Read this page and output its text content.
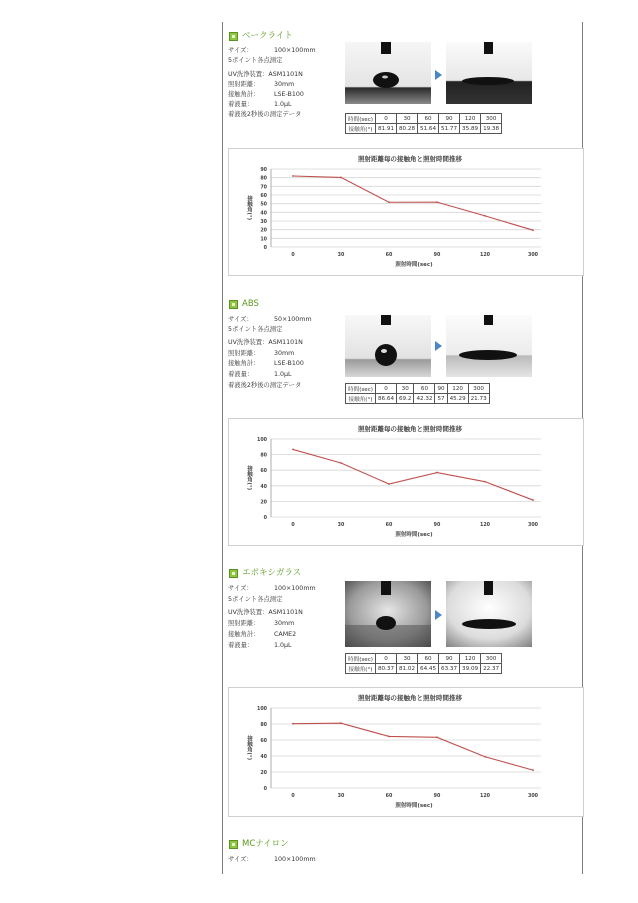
ベークライト
サイズ：	100×100mm
5ポイント各点測定
UV洗浄装置：ASM1101N
照射距離： 30mm
接触角計： LSE-B100
着液量：	1.0μL
着液後2秒後の測定データ
時間(sec)	0	30	60	90	120	300
接触角(°)	81.91	80.28	51.64	51.77	35.89	19.38
照射距離毎の接触角と照射時間推移
0
10
20
30
40
50
60
70
80
90
0	30	60	90	120	300
照射時間(sec)
接触角(°)
ABS
サイズ：	50×100mm
5ポイント各点測定
UV洗浄装置：ASM1101N
照射距離： 30mm
接触角計： LSE-B100
着液量：	1.0μL
着液後2秒後の測定データ
時間(sec)	0	30	60	90	120	300
接触角(°)	86.64	69.2	42.32	57	45.29	21.73
照射距離毎の接触角と照射時間推移
0
20
40
60
80
100
0	30	60	90	120	300
照射時間(sec)
接触角(°)
エポキシガラス
サイズ：	100×100mm
5ポイント各点測定
UV洗浄装置：ASM1101N
照射距離： 30mm
接触角計： CAME2
着液量：	1.0μL
時間(sec)	0	30	60	90	120	300
接触角(°)	80.37	81.02	64.45	63.37	39.09	22.37
照射距離毎の接触角と照射時間推移
0
20
40
60
80
100
0	30	60	90	120	300
照射時間(sec)
接触角(°)
MCナイロン
サイズ：	100×100mm
